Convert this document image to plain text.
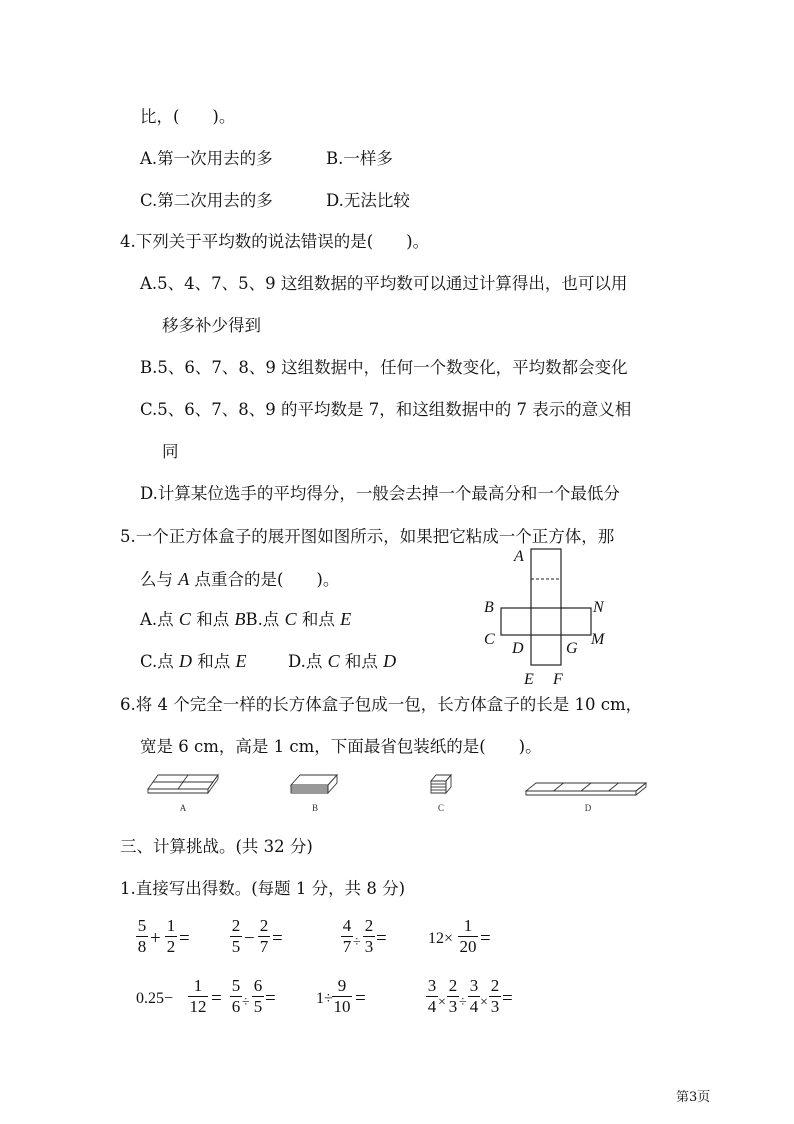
比，(　　)。
A.第一次用去的多	B.一样多
C.第二次用去的多	D.无法比较
4.下列关于平均数的说法错误的是(　　)。
A.5、4、7、5、9 这组数据的平均数可以通过计算得出，也可以用
移多补少得到
B.5、6、7、8、9 这组数据中，任何一个数变化，平均数都会变化
C.5、6、7、8、9 的平均数是 7，和这组数据中的 7 表示的意义相
同
D.计算某位选手的平均得分，一般会去掉一个最高分和一个最低分
5.一个正方体盒子的展开图如图所示，如果把它粘成一个正方体，那
么与 A 点重合的是(　　)。
A.点 C 和点 BB.点 C 和点 E
C.点 D 和点 E	D.点 C 和点 D
A
B
C
D	G
N
M
E F
6.将 4 个完全一样的长方体盒子包成一包，长方体盒子的长是 10 cm，
宽是 6 cm，高是 1 cm，下面最省包装纸的是(　　)。
A	B	C	D
三、计算挑战。(共 32 分)
1.直接写出得数。(每题 1 分，共 8 分)
5
8 +
1
2 =
2
5 −
2
7 =
4
7 ÷
2
3 =	12×
1
20 =
0.25−
1
12 =
5
6 ÷
6
5 =	1÷
9
10 =
3
4 ×
2
3 ÷
3
4 ×
2
3 =
第3页
